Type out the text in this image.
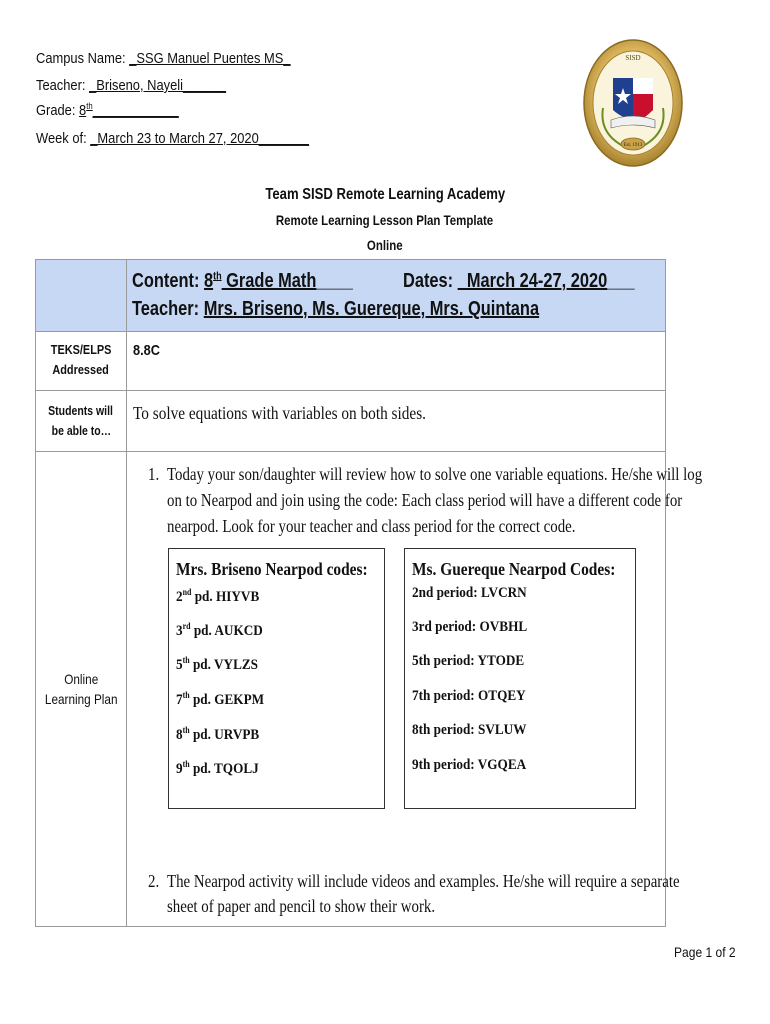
Campus Name: _SSG Manuel Puentes MS_
Teacher: _Briseno, Nayeli______
Grade: 8th____________
Week of: _March 23 to March 27, 2020_______
SISD
Est. 1913
Team SISD Remote Learning Academy
Remote Learning Lesson Plan Template
Online
Content: 8th Grade Math____	Dates: _March 24-27, 2020___
Teacher: Mrs. Briseno, Ms. Guereque, Mrs. Quintana
TEKS/ELPS
Addressed
8.8C
Students will
be able to…
To solve equations with variables on both sides.
Online
Learning Plan
1. Today your son/daughter will review how to solve one variable equations. He/she will log
on to Nearpod and join using the code: Each class period will have a different code for
nearpod. Look for your teacher and class period for the correct code.
Mrs. Briseno Nearpod codes:
2nd pd. HIYVB
3rd pd. AUKCD
5th pd. VYLZS
7th pd. GEKPM
8th pd. URVPB
9th pd. TQOLJ
Ms. Guereque Nearpod Codes:
2nd period: LVCRN
3rd period: OVBHL
5th period: YTODE
7th period: OTQEY
8th period: SVLUW
9th period: VGQEA
2. The Nearpod activity will include videos and examples. He/she will require a separate
sheet of paper and pencil to show their work.
Page 1 of 2
